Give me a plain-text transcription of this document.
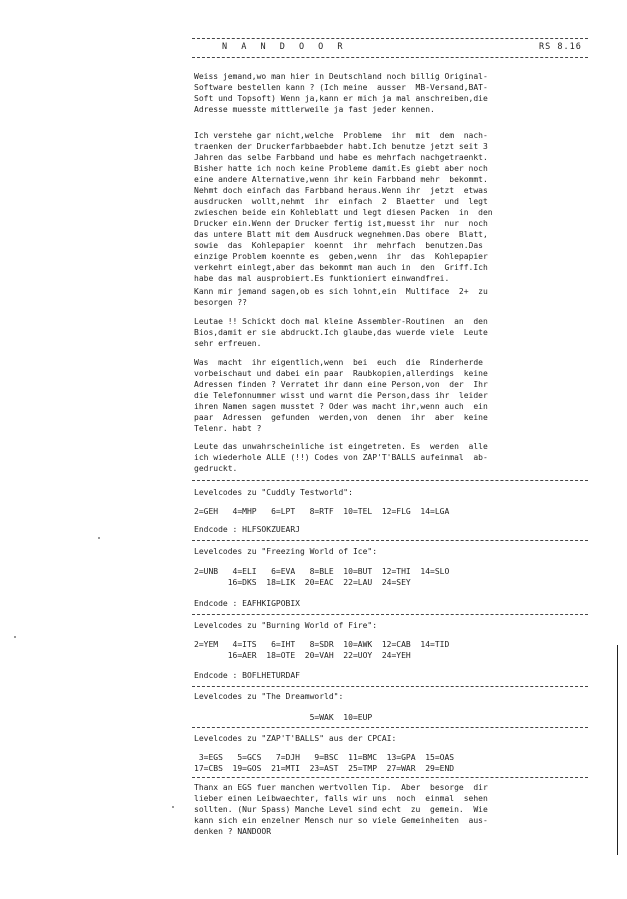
N A N D O O R	RS 8.16
Weiss jemand,wo man hier in Deutschland noch billig Original-
Software bestellen kann ? (Ich meine  ausser  MB-Versand,BAT-
Soft und Topsoft) Wenn ja,kann er mich ja mal anschreiben,die
Adresse muesste mittlerweile ja fast jeder kennen.
Ich verstehe gar nicht,welche  Probleme  ihr  mit  dem  nach-
traenken der Druckerfarbbaebder habt.Ich benutze jetzt seit 3
Jahren das selbe Farbband und habe es mehrfach nachgetraenkt.
Bisher hatte ich noch keine Probleme damit.Es giebt aber noch
eine andere Alternative,wenn ihr kein Farbband mehr  bekommt.
Nehmt doch einfach das Farbband heraus.Wenn ihr  jetzt  etwas
ausdrucken  wollt,nehmt  ihr  einfach  2  Blaetter  und  legt
zwieschen beide ein Kohleblatt und legt diesen Packen  in  den
Drucker ein.Wenn der Drucker fertig ist,muesst ihr  nur  noch
das untere Blatt mit dem Ausdruck wegnehmen.Das obere  Blatt,
sowie  das  Kohlepapier  koennt  ihr  mehrfach  benutzen.Das
einzige Problem koennte es  geben,wenn  ihr  das  Kohlepapier
verkehrt einlegt,aber das bekommt man auch in  den  Griff.Ich
habe das mal ausprobiert.Es funktioniert einwandfrei.
Kann mir jemand sagen,ob es sich lohnt,ein  Multiface  2+  zu
besorgen ??
Leutae !! Schickt doch mal kleine Assembler-Routinen  an  den
Bios,damit er sie abdruckt.Ich glaube,das wuerde viele  Leute
sehr erfreuen.
Was  macht  ihr eigentlich,wenn  bei  euch  die  Rinderherde
vorbeischaut und dabei ein paar  Raubkopien,allerdings  keine
Adressen finden ? Verratet ihr dann eine Person,von  der  Ihr
die Telefonnummer wisst und warnt die Person,dass ihr  leider
ihren Namen sagen musstet ? Oder was macht ihr,wenn auch  ein
paar  Adressen  gefunden  werden,von  denen  ihr  aber  keine
Telenr. habt ?
Leute das unwahrscheinliche ist eingetreten. Es  werden  alle
ich wiederhole ALLE (!!) Codes von ZAP'T'BALLS aufeinmal  ab-
gedruckt.
Levelcodes zu "Cuddly Testworld":
2=GEH   4=MHP   6=LPT   8=RTF  10=TEL  12=FLG  14=LGA
Endcode : HLFSOKZUEARJ
Levelcodes zu "Freezing World of Ice":
2=UNB   4=ELI   6=EVA   8=BLE  10=BUT  12=THI  14=SLO
16=DKS  18=LIK  20=EAC  22=LAU  24=SEY
Endcode : EAFHKIGPOBIX
Levelcodes zu "Burning World of Fire":
2=YEM   4=ITS   6=IHT   8=SDR  10=AWK  12=CAB  14=TID
16=AER  18=OTE  20=VAH  22=UOY  24=YEH
Endcode : BOFLHETURDAF
Levelcodes zu "The Dreamworld":
5=WAK  10=EUP
Levelcodes zu "ZAP'T'BALLS" aus der CPCAI:
3=EGS   5=GCS   7=DJH   9=BSC  11=BMC  13=GPA  15=OAS
17=CBS  19=GOS  21=MTI  23=AST  25=TMP  27=WAR  29=END
Thanx an EGS fuer manchen wertvollen Tip.  Aber  besorge  dir
lieber einen Leibwaechter, falls wir uns  noch  einmal  sehen
sollten. (Nur Spass) Manche Level sind echt  zu  gemein.  Wie
kann sich ein enzelner Mensch nur so viele Gemeinheiten  aus-
denken ? NANDOOR
